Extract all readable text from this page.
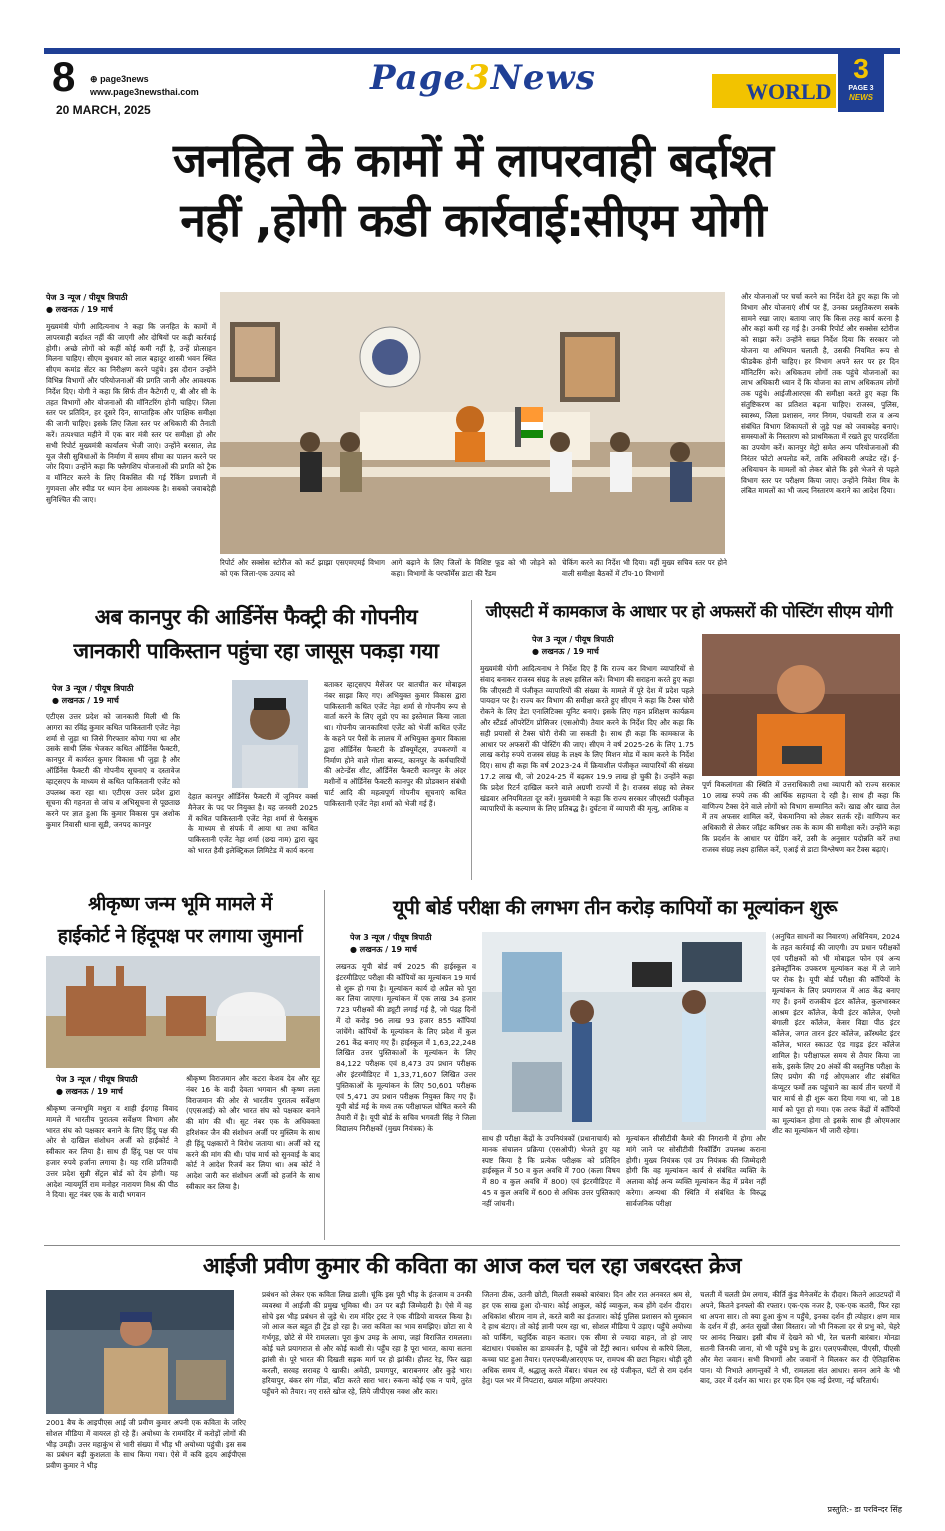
8 ⊕ page3news
www.page3newsthai.com
20 MARCH, 2025
Page3News	WORLD
3
PAGE 3
NEWS
जनहित के कामों में लापरवाही बर्दाश्त
नहीं ,होगी कडी कार्रवाई:सीएम योगी
पेज 3 न्यूज / पीयूष त्रिपाठी
● लखनऊ / 19 मार्च
मुख्यमंत्री योगी आदित्यनाथ ने कहा कि जनहित के कामों में लापरवाही बर्दाश्त नहीं की जाएगी और दोषियों पर कड़ी कार्रवाई होगी। अच्छे लोगों को कहीं कोई कमी नहीं है, उन्हें प्रोत्साहन मिलना चाहिए। सीएम बुधवार को लाल बहादुर शास्त्री भवन स्थित सीएम कमांड सेंटर का निरीक्षण करने पहुंचे। इस दौरान उन्होंने विभिन्न विभागों और परियोजनाओं की प्रगति जानी और आवश्यक निर्देश दिए। योगी ने कहा कि सिर्फ तीन कैटेगरी ए, बी और सी के तहत विभागों और योजनाओं की मॉनिटरिंग होनी चाहिए। जिला स्तर पर प्रतिदिन, हर दूसरे दिन, साप्ताहिक और पाक्षिक समीक्षा की जानी चाहिए। इसके लिए जिला स्तर पर अधिकारी की तैनाती करें। तत्पश्चात महीने में एक बार मंत्री स्तर पर समीक्षा हो और सभी रिपोर्ट मुख्यमंत्री कार्यालय भेजी जाएं। उन्होंने बरसात, लेड यूज जैसी सुविधाओं के निर्माण में समय सीमा का पालन करने पर जोर दिया। उन्होंने कहा कि फ्लैगशिप योजनाओं की प्रगति को ट्रैक व मॉनिटर करने के लिए विकसित की गई रैंकिंग प्रणाली में गुणवत्ता और स्पीड पर ध्यान देना आवश्यक है। सबको जवाबदेही सुनिश्चित की जाए।
रिपोर्ट और सक्सेस स्टोरीज को कर्ट झाझा एसएमएमई विभाग को एक जिला-एक उत्पाद को
आगे बढ़ाने के लिए जिलों के विशिष्ट फूड को भी जोड़ने को कहा। विभागों के परफॉर्मेंस डाटा की रैंडम
चेकिंग करने का निर्देश भी दिया। वहीं मुख्य सचिव स्तर पर होने वाली समीक्षा बैठकों में टॉप-10 विभागों
और योजनाओं पर चर्चा करने का निर्देश देते हुए कहा कि जो विभाग और योजनाएं शीर्ष पर हैं, उनका प्रस्तुतिकरण सबके सामने रखा जाए। बताया जाए कि किस तरह कार्य करना है और कहां कमी रह गई है। उनकी रिपोर्ट और सक्सेस स्टोरीज को साझा करें। उन्होंने सख्त निर्देश दिया कि सरकार जो योजना या अभियान चलाती है, उसकी नियमित रूप से फीडबैक होनी चाहिए। हर विभाग अपने स्तर पर हर दिन मॉनिटरिंग करे। अधिकतम लोगों तक पहुंचे योजनाओं का लाभ अधिकारी ध्यान दें कि योजना का लाभ अधिकतम लोगों तक पहुंचे। आईजीआरएस की समीक्षा करते हुए कहा कि संतुष्टिकरण का प्रतिशत बढ़ना चाहिए। राजस्व, पुलिस, स्वास्थ्य, जिला प्रशासन, नगर निगम, पंचायती राज व अन्य संबंधित विभाग शिकायतों से जुड़े पक्ष को जवाबदेह बनाएं। समस्याओं के निस्तारण को प्राथमिकता में रखते हुए पारदर्शिता का उपयोग करें। कानपुर मेट्रो समेत अन्य परियोजनाओं की निरंतर फोटो अपलोड करें, ताकि अधिकारी अपडेट रहें। ई-अधियाचन के मामलों को लेकर बोले कि इसे भेजने से पहले विभाग स्तर पर परीक्षण किया जाए। उन्होंने निवेश मित्र के लंबित मामलों का भी जल्द निस्तारण कराने का आदेश दिया।
अब कानपुर की आर्डिनेंस फैक्ट्री की गोपनीय
जानकारी पाकिस्तान पहुंचा रहा जासूस पकड़ा गया
पेज 3 न्यूज / पीयूष त्रिपाठी
● लखनऊ / 19 मार्च
एटीएस उत्तर प्रदेश को जानकारी मिली थी कि आगरा का रविंद्र कुमार कथित पाकिस्तानी एजेंट नेहा शर्मा से जुड़ा था जिसे गिरफ्तार कोया गया था और उसके साथी लिंक भेजकर कथित ऑर्डिनेंस फैक्टरी, कानपुर में कार्यरत कुमार विकास भी जुड़ा है और ऑर्डिनेंस फैक्टरी की गोपनीय सूचनाएं व दस्तावेज व्हाट्सएप के माध्यम से कथित पाकिस्तानी एजेंट को उपलब्ध करा रहा था। एटीएस उत्तर प्रदेश द्वारा सूचना की गहनता से जांच व अभिसूचना से पूछताछ करने पर ज्ञात हुआ कि कुमार विकास पुत्र अशोक कुमार निवासी थाना सूडी, जनपद कानपुर
देहात कानपुर ऑर्डिनेंस फैक्टरी में जूनियर वर्क्स मैनेजर के पद पर नियुक्त है। यह जनवरी 2025 में कथित पाकिस्तानी एजेंट नेहा शर्मा से फेसबुक के माध्यम से संपर्क में आया था तथा कथित पाकिस्तानी एजेंट नेहा शर्मा (छद्म नाम) द्वारा खुद को भारत हैवी इलेक्ट्रिकल लिमिटेड में कार्य करना
बताकर व्हाट्सएप मैसेंजर पर बातचीत कर मोबाइल नंबर साझा किए गए। अभियुक्त कुमार विकास द्वारा पाकिस्तानी कथित एजेंट नेहा शर्मा से गोपनीय रूप से वार्ता करने के लिए लूडो एप का इस्तेमाल किया जाता था। गोपनीय जानकारियां एजेंट को भेजीं कथित एजेंट के कहने पर पैसों के लालच में अभियुक्त कुमार विकास द्वारा ऑर्डिनेंस फैक्टरी के डॉक्यूमेंट्स, उपकरणों व निर्माण होने वाले गोला बारूद, कानपुर के कर्मचारियों की अटेन्डेंस शीट, ऑर्डिनेंस फैक्टरी कानपुर के अंदर मशीनों व ऑर्डिनेंस फैक्टरी कानपुर की प्रोडक्शन संबंधी चार्ट आदि की महत्वपूर्ण गोपनीय सूचनाएं कथित पाकिस्तानी एजेंट नेहा शर्मा को भेजी गई हैं।
जीएसटी में कामकाज के आधार पर हो अफसरों की पोस्टिंग सीएम योगी
पेज 3 न्यूज / पीयूष त्रिपाठी
● लखनऊ / 19 मार्च
मुख्यमंत्री योगी आदित्यनाथ ने निर्देश दिए हैं कि राज्य कर विभाग व्यापारियों से संवाद बनाकर राजस्व संग्रह के लक्ष्य हासिल करें। विभाग की सराहना करते हुए कहा कि जीएसटी में पंजीकृत व्यापारियों की संख्या के मामले में पूरे देश में प्रदेश पहले पायदान पर है। राज्य कर विभाग की समीक्षा करते हुए सीएम ने कहा कि टैक्स चोरी रोकने के लिए डेटा एनालिटिक्स यूनिट बनाएं। इसके लिए गहन प्रशिक्षण कार्यक्रम और स्टैंडर्ड ऑपरेटिंग प्रोसिजर (एसओपी) तैयार करने के निर्देश दिए और कहा कि सही प्रयासों से टैक्स चोरी रोकी जा सकती है। साथ ही कहा कि कामकाज के आधार पर अफसरों की पोस्टिंग की जाए। सीएम ने वर्ष 2025-26 के लिए 1.75 लाख करोड़ रुपये राजस्व संग्रह के लक्ष्य के लिए मिशन मोड में काम करने के निर्देश दिए। साथ ही कहा कि वर्ष 2023-24 में क्रियाशील पंजीकृत व्यापारियों की संख्या 17.2 लाख थी, जो 2024-25 में बढ़कर 19.9 लाख हो चुकी है। उन्होंने कहा कि प्रदेश रिटर्न दाखिल करने वाले अग्रणी राज्यों में है। राजस्व संग्रह को लेकर खंडवार अनियमितता दूर करें। मुख्यमंत्री ने कहा कि राज्य सरकार जीएसटी पंजीकृत व्यापारियों के कल्याण के लिए प्रतिबद्ध है। दुर्घटना में व्यापारी की मृत्यु, आशिक व
पूर्ण विकलांगता की स्थिति में उत्तराधिकारी तथा व्यापारी को राज्य सरकार 10 लाख रुपये तक की आर्थिक सहायता दे रही है। साथ ही कहा कि वाणिज्य टैक्स देने वाले लोगों को विभाग सम्मानित करें। खाद्य और खाद्य तेल में तय अफसर शामिल करें, चेकमानिया को लेकर सतर्क रहें। वाणिज्य कर अधिकारी से लेकर जॉइंट कमिश्नर तक के काम की समीक्षा करें। उन्होंने कहा कि प्रदर्शन के आधार पर ग्रेडिंग करें, उसी के अनुसार पदोन्नति करें तथा राजस्व संग्रह लक्ष्य हासिल करें, एआई से डाटा विश्लेषण कर टैक्स बढ़ाएं।
श्रीकृष्ण जन्म भूमि मामले में
हाईकोर्ट ने हिंदूपक्ष पर लगाया जुमार्ना
पेज 3 न्यूज / पीयूष त्रिपाठी
● लखनऊ / 19 मार्च
श्रीकृष्ण जन्मभूमि मथुरा व शाही ईदगाह विवाद मामले में भारतीय पुरातत्व सर्वेक्षण विभाग और भारत संघ को पक्षकार बनाने के लिए हिंदू पक्ष की ओर से दाखिल संशोधन अर्जी को हाईकोर्ट ने स्वीकार कर लिया है। साथ ही हिंदू पक्ष पर पांच हजार रुपये हर्जाना लगाया है। यह राशि प्रतिवादी उत्तर प्रदेश सुन्नी सेंट्रल बोर्ड को देय होगी। यह आदेश न्यायमूर्ति राम मनोहर नारायण मिश्र की पीठ ने दिया। सूट नंबर एक के वादी भगवान
श्रीकृष्ण विराजमान और कटरा केशव देव और सूट नंबर 16 के वादी देवता भगवान श्री कृष्ण लला विराजमान की ओर से भारतीय पुरातत्व सर्वेक्षण (एएसआई) को और भारत संघ को पक्षकार बनाने की मांग की थी। सूट नंबर एक के अधिवक्ता हरिशंकर जैन की संशोधन अर्जी पर मुस्लिम के साथ ही हिंदू पक्षकारों ने विरोध जताया था। अर्जी को रद्द करने की मांग की थी। पांच मार्च को सुनवाई के बाद कोर्ट ने आदेश रिजर्व कर लिया था। अब कोर्ट ने आदेश जारी कर संशोधन अर्जी को हर्जाने के साथ स्वीकार कर लिया है।
यूपी बोर्ड परीक्षा की लगभग तीन करोड़ कापियों का मूल्यांकन शुरू
पेज 3 न्यूज / पीयूष त्रिपाठी
● लखनऊ / 19 मार्च
लखनऊ यूपी बोर्ड वर्ष 2025 की हाईस्कूल व इंटरमीडिएट परीक्षा की कॉपियों का मूल्यांकन 19 मार्च से शुरू हो गया है। मूल्यांकन कार्य दो अप्रैल को पूरा कर लिया जाएगा। मूल्यांकन में एक लाख 34 हजार 723 परीक्षकों की ड्यूटी लगाई गई है, जो पंद्रह दिनों में दो करोड़ 96 लाख 93 हजार 855 कॉपियां जांचेंगे। कॉपियों के मूल्यांकन के लिए प्रदेश में कुल 261 केंद्र बनाए गए हैं। हाईस्कूल में 1,63,22,248 लिखित उत्तर पुस्तिकाओं के मूल्यांकन के लिए 84,122 परीक्षक एवं 8,473 उप प्रधान परीक्षक और इंटरमीडिएट में 1,33,71,607 लिखित उत्तर पुस्तिकाओं के मूल्यांकन के लिए 50,601 परीक्षक एवं 5,471 उप प्रधान परीक्षक नियुक्त किए गए हैं। यूपी बोर्ड मई के मध्य तक परीक्षाफल घोषित करने की तैयारी में है। यूपी बोर्ड के सचिव भगवती सिंह ने जिला विद्यालय निरीक्षकों (मुख्य नियंत्रक) के
साथ ही परीक्षा केंद्रों के उपनियंत्रकों (प्रधानाचार्य) को मानक संचालन प्रक्रिया (एसओपी) भेजते हुए यह स्पष्ट किया है कि प्रत्येक परीक्षक को प्रतिदिन हाईस्कूल में 50 व कुल अवधि में 700 (कला विषय में 80 व कुल अवधि में 800) एवं इंटरमीडिएट में 45 व कुल अवधि में 600 से अधिक उत्तर पुस्तिकाएं नहीं जांचनी।
मूल्यांकन सीसीटीवी कैमरे की निगरानी में होगा और मांगे जाने पर सोसीटीवी रिकॉर्डिंग उपलब्ध कराना होगी। मुख्य नियंत्रक एवं उप नियंत्रक की जिम्मेदारी होगी कि वह मूल्यांकन कार्य से संबंधित व्यक्ति के अलावा कोई अन्य व्यक्ति मूल्यांकन केंद्र में प्रवेश नहीं करेगा। अन्यथा की स्थिति में संबंधित के विरुद्ध सार्वजनिक परीक्षा
(अनुचित साधनों का निवारण) अधिनियम, 2024 के तहत कार्रवाई की जाएगी। उप प्रधान परीक्षकों एवं परीक्षकों को भी मोबाइल फोन एवं अन्य इलेक्ट्रॉनिक उपकरण मूल्यांकन कक्ष में ले जाने पर रोक है। यूपी बोर्ड परीक्षा की कॉपियों के मूल्यांकन के लिए प्रयागराज में आठ केंद्र बनाए गए हैं। इनमें राजकीय इंटर कॉलेज, कुलभास्कर आश्रम इंटर कॉलेज, केपी इंटर कॉलेज, एंग्लो बंगाली इंटर कॉलेज, केसर विद्या पीठ इंटर कॉलेज, जगत तारन इंटर कॉलेज, क्रॉस्थवेट इंटर कॉलेज, भारत स्काउट एंड गाइड इंटर कॉलेज शामिल है। परीक्षाफल समय से तैयार किया जा सके, इसके लिए 20 अंकों की वस्तुनिष्ठ परीक्षा के लिए प्रयोग की गई ओएमआर शीट संबंधित कंप्यूटर फर्मों तक पहुंचाने का कार्य तीन चरणों में चार मार्च से ही शुरू करा दिया गया था, जो 18 मार्च को पूरा हो गया। एक तरफ केंद्रों में कॉपियों का मूल्यांकन होगा तो इसके साथ ही ओएमआर शीट का मूल्यांकन भी जारी रहेगा।
आईजी प्रवीण कुमार की कविता का आज कल चल रहा जबरदस्त क्रेज
2001 बैच के आइपीएस आई जी प्रवीण कुमार अपनी एक कविता के जरिए सोशल मीडिया में वायरल हो रहे हैं। अयोध्या के राममंदिर में करोड़ों लोगों की भीड़ उमड़ी। उत्तर महाकुंभ से भारी संख्या में भीड़ भी अयोध्या पहुंची। इस सब का प्रबंधन बड़ी कुशलता के साथ किया गया। ऐसे में कवि हृदय आईपीएस प्रवीण कुमार ने भीड़
प्रबंधन को लेकर एक कविता लिख डाली। चूंकि इस पूरी भीड़ के इंतजाम व उनकी व्यवस्था में आईजी की प्रमुख भूमिका थी। उन पर बड़ी जिम्मेदारी है। ऐसे में वह सोचे इस भीड़ प्रबंधन से जुड़े थे। राम मंदिर ट्रस्ट ने एक वीडियो वायरल किया है। जो आज कल बहुत ही ट्रेंड हो रहा है। जरा कविता का भाव समझिए। छोटा सा ये गर्भगृह, छोटे से मेरे रामलला। पूरा कुंभ उमड़ के आया, जहां विराजित रामलला। कोई चले प्रयागराज से और कोई काशी से। पहुँच रहा है पूरा भारत, काया सतना झांसी से। पूरे भारत की दिखती सड़क मार्ग पर हो झांकी। हौलट रेड़, फिर खड़ा करली, सरवह सरावह पे खाकी। अमेठी, प्रयागपुर, बाराबनगर और कुड़े भार। हरियापुर, बंकर संग गोंडा, बाँटा करते सारा भार। रुकना कोई एक न पाये, तुरंत पहुँचने को तैयार। नए रास्ते खोज रहे, लिये जीपीएस नक्श और कार।
जितना ठीक, उतनी छोटी, मिलती सबको बारंबार। दिन और रात अनवरत श्रम से, हर एक साख हुआ दो-चार। कोई आकुल, कोई व्याकुल, कब होंगे दर्शन दीदार। अधिकांश श्रीराम नाम ले, करते बारी का इंतजार। कोई पुलिस प्रशासन को मुस्कान दे हाथ बंटाए। तो कोई ज्ञानी परम रहा था, सोशल मीडिया पे उड़ाए। पहुँचे अयोध्या को पार्किंग, चतुर्दिक वाहन कतार। एक सीमा से ज्यादा वाहन, तो हो जाए बंटाधार। पंचकोस का डायवर्जन है, पहुँचे जो टैंट्री स्थान। धर्मपथ से करिये लिला, कच्चा घाट हुआ तैयार। एलएफबी/आरएएफ पर, रामपथ की छटा निहार। थोड़ी दूरी अधिक समय में, श्रद्धालु करते मेंबार। चंचल रथ रहे पंजीकृत, घंटों से राम दर्शन हेतु। पल भर में निपटारा, ख्याल महिमा अपरंपार।
चलती में चलती प्रेम लगाय, कीर्ति कुंड मैनेजमेंट के दीदार। कितने आउटपदों में अपने, कितने इनफ्लो की रफ्तार। एक-एक नजर है, एक-एक कतरी, फिर रहा था अपना सार। तो क्या हुआ कुंभ न पहुँचे, इनका दर्शन ही त्योहार। क्षण मात्र के दर्शन में ही, अनंत सुखों जैसा विस्तार। जो भी निकला दर से प्रभु को, चेहरे पर आनंद निखार। इसी बीच में देखने को भी, रेल चलनी बारंबार। मोनडा सतनी जिनकी जाना, वो भी पहुँचे प्रभु के द्वार। एलएफबीएस, पीएसी, पीएसी और मेरा जवान। सभी विभागों और जवानों ने मिलकर कर दी ऐतिहासिक पान। यो निभाते आगन्तुकों ने भी, रामलला संत आधार। सनन आने के भी बाद, उदर में दर्शन का भार। हर एक दिन एक नई प्रेरणा, नई चरितार्थ।
प्रस्तुति:- डा परविन्दर सिंह
